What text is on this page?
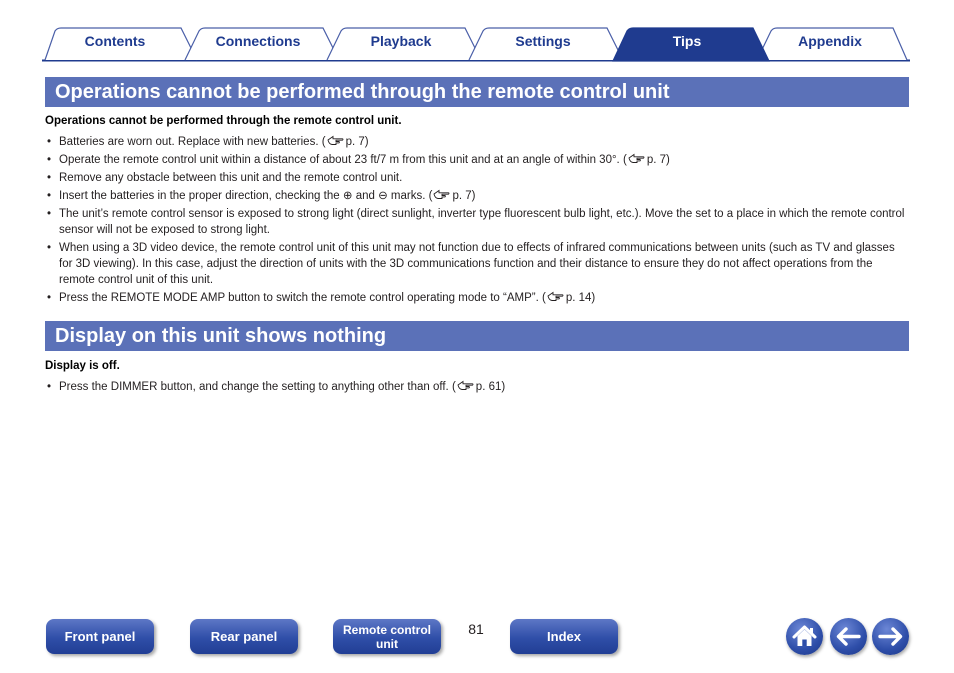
Contents	Connections	Playback	Settings	Tips	Appendix
Operations cannot be performed through the remote control unit
Operations cannot be performed through the remote control unit.
• Batteries are worn out. Replace with new batteries. ( p. 7)
• Operate the remote control unit within a distance of about 23 ft/7 m from this unit and at an angle of within 30°. ( p. 7)
• Remove any obstacle between this unit and the remote control unit.
• Insert the batteries in the proper direction, checking the ⊕ and ⊖ marks. ( p. 7)
• The unit’s remote control sensor is exposed to strong light (direct sunlight, inverter type fluorescent bulb light, etc.). Move the set to a place in which the remote control sensor will not be exposed to strong light.
• When using a 3D video device, the remote control unit of this unit may not function due to effects of infrared communications between units (such as TV and glasses for 3D viewing). In this case, adjust the direction of units with the 3D communications function and their distance to ensure they do not affect operations from the remote control unit of this unit.
• Press the REMOTE MODE AMP button to switch the remote control operating mode to “AMP”. ( p. 14)
Display on this unit shows nothing
Display is off.
• Press the DIMMER button, and change the setting to anything other than off. ( p. 61)
Front panel	Rear panel	Remote control
unit
81	Index
